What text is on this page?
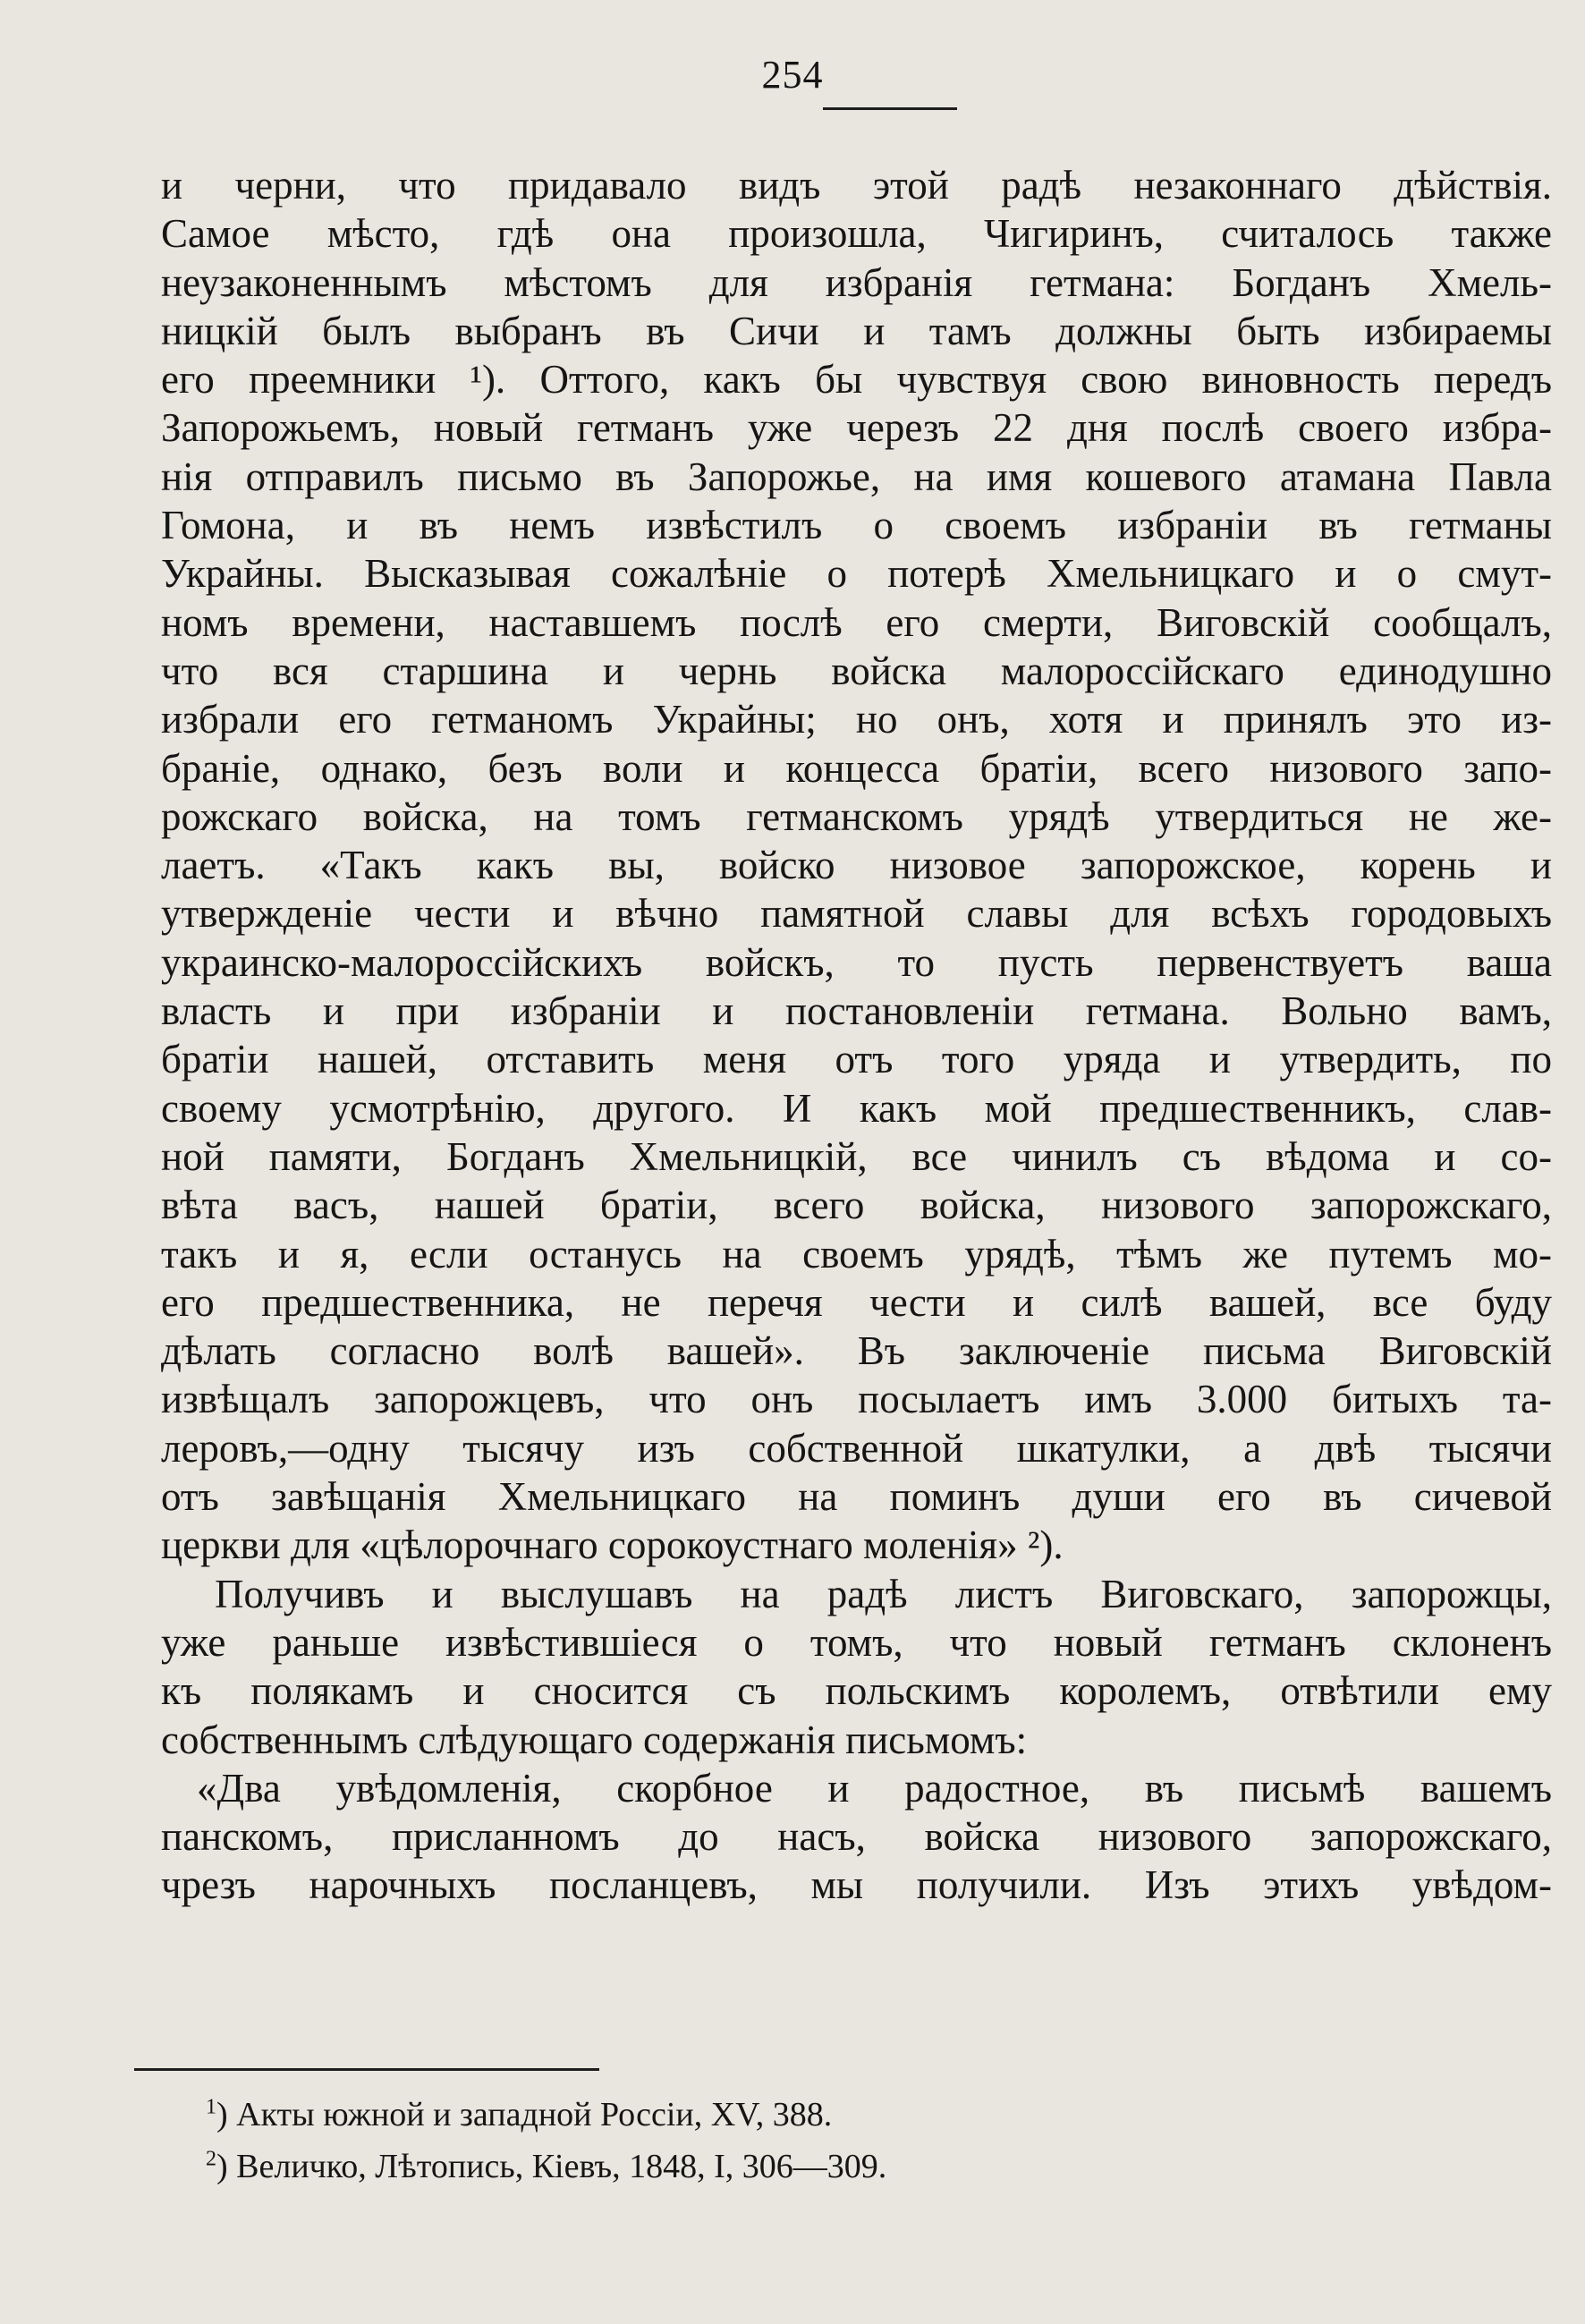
254
и черни, что придавало видъ этой радѣ незаконнаго дѣйствія.
Самое мѣсто, гдѣ она произошла, Чигиринъ, считалось также
неузаконеннымъ мѣстомъ для избранія гетмана: Богданъ Хмель-
ницкій былъ выбранъ въ Сичи и тамъ должны быть избираемы
его преемники ¹). Оттого, какъ бы чувствуя свою виновность передъ
Запорожьемъ, новый гетманъ уже черезъ 22 дня послѣ своего избра-
нія отправилъ письмо въ Запорожье, на имя кошевого атамана Павла
Гомона, и въ немъ извѣстилъ о своемъ избраніи въ гетманы
Украйны. Высказывая сожалѣніе о потерѣ Хмельницкаго и о смут-
номъ времени, наставшемъ послѣ его смерти, Виговскій сообщалъ,
что вся старшина и чернь войска малороссійскаго единодушно
избрали его гетманомъ Украйны; но онъ, хотя и принялъ это из-
бранiе, однако, безъ воли и концесса братіи, всего низового запо-
рожскаго войска, на томъ гетманскомъ урядѣ утвердиться не же-
лаетъ. «Такъ какъ вы, войско низовое запорожское, корень и
утвержденіе чести и вѣчно памятной славы для всѣхъ городовыхъ
украинско-малороссійскихъ войскъ, то пусть первенствуетъ ваша
власть и при избраніи и постановленіи гетмана. Вольно вамъ,
братіи нашей, отставить меня отъ того уряда и утвердить, по
своему усмотрѣнію, другого. И какъ мой предшественникъ, слав-
ной памяти, Богданъ Хмельницкій, все чинилъ съ вѣдома и со-
вѣта васъ, нашей братіи, всего войска, низового запорожскаго,
такъ и я, если останусь на своемъ урядѣ, тѣмъ же путемъ мо-
его предшественника, не перечя чести и силѣ вашей, все буду
дѣлать согласно волѣ вашей». Въ заключеніе письма Виговскій
извѣщалъ запорожцевъ, что онъ посылаетъ имъ 3.000 битыхъ та-
леровъ,—одну тысячу изъ собственной шкатулки, а двѣ тысячи
отъ завѣщанія Хмельницкаго на поминъ души его въ сичевой
церкви для «цѣлорочнаго сорокоустнаго моленія» ²).
Получивъ и выслушавъ на радѣ листъ Виговскаго, запорожцы,
уже раньше извѣстившіеся о томъ, что новый гетманъ склоненъ
къ полякамъ и сносится съ польскимъ королемъ, отвѣтили ему
собственнымъ слѣдующаго содержанія письмомъ:
«Два увѣдомленія, скорбное и радостное, въ письмѣ вашемъ
панскомъ, присланномъ до насъ, войска низового запорожскаго,
чрезъ нарочныхъ посланцевъ, мы получили. Изъ этихъ увѣдом-
$^1$) Акты южной и западной Россіи, XV, 388.
$^2$) Величко, Лѣтопись, Кіевъ, 1848, I, 306—309.
